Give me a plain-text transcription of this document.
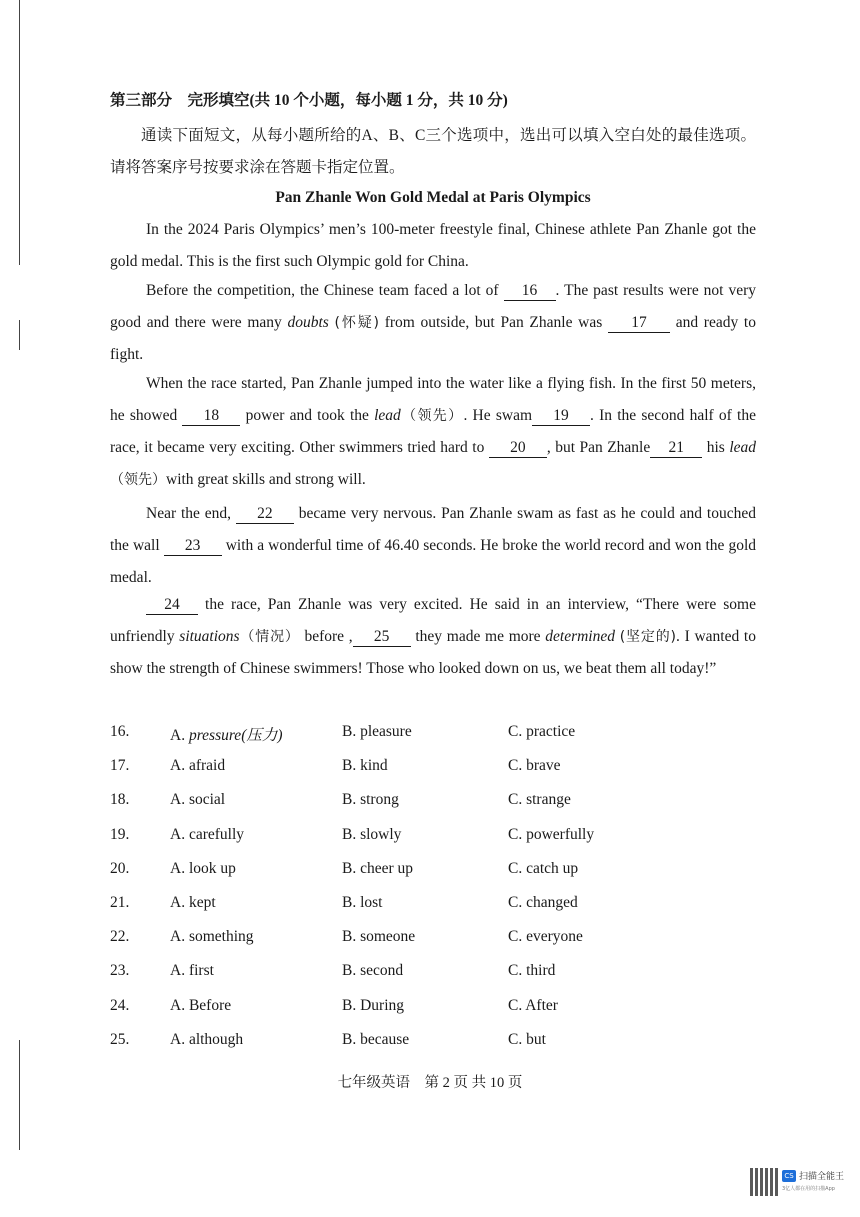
第三部分　完形填空(共 10 个小题，每小题 1 分，共 10 分)
通读下面短文，从每小题所给的A、B、C三个选项中，选出可以填入空白处的最佳选项。请将答案序号按要求涂在答题卡指定位置。
Pan Zhanle Won Gold Medal at Paris Olympics
In the 2024 Paris Olympics’ men’s 100-meter freestyle final, Chinese athlete Pan Zhanle got the gold medal. This is the first such Olympic gold for China.
Before the competition, the Chinese team faced a lot of 16 . The past results were not very good and there were many doubts (怀疑) from outside, but Pan Zhanle was 17 and ready to fight.
When the race started, Pan Zhanle jumped into the water like a flying fish. In the first 50 meters, he showed 18 power and took the lead（领先）. He swam 19 . In the second half of the race, it became very exciting. Other swimmers tried hard to 20 , but Pan Zhanle 21 his lead （领先）with great skills and strong will.
Near the end, 22 became very nervous. Pan Zhanle swam as fast as he could and touched the wall 23 with a wonderful time of 46.40 seconds. He broke the world record and won the gold medal.
24 the race, Pan Zhanle was very excited. He said in an interview, “There were some unfriendly situations（情况） before , 25 they made me more determined (坚定的). I wanted to show the strength of Chinese swimmers! Those who looked down on us, we beat them all today!”
16.	A. pressure(压力)	B. pleasure	C. practice
17.	A. afraid	B. kind	C. brave
18.	A. social	B. strong	C. strange
19.	A. carefully	B. slowly	C. powerfully
20.	A. look up	B. cheer up	C. catch up
21.	A. kept	B. lost	C. changed
22.	A. something	B. someone	C. everyone
23.	A. first	B. second	C. third
24.	A. Before	B. During	C. After
25.	A. although	B. because	C. but
七年级英语　第 2 页 共 10 页
CS 扫描全能王
3亿人都在用的扫描App
